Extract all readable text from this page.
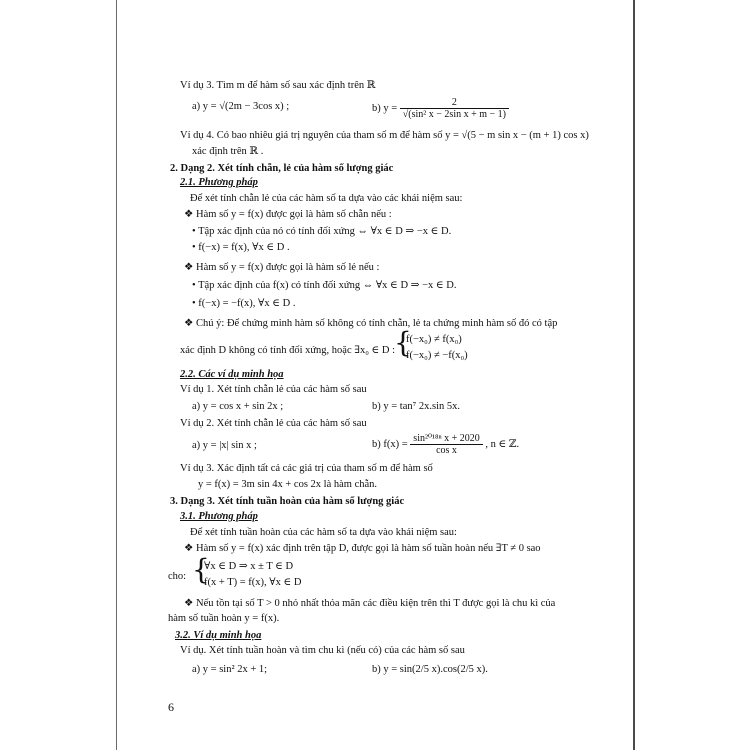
Ví dụ 3. Tìm m để hàm số sau xác định trên ℝ
a) y = √(2m − 3cos x) ;	b) $y = \frac{2}{\text{√(sin² x − 2sin x + m − 1)}}$
Ví dụ 4. Có bao nhiêu giá trị nguyên của tham số m để hàm số y = √(5 − m sin x − (m + 1) cos x)
xác định trên ℝ .
2. Dạng 2. Xét tính chẵn, lẻ của hàm số lượng giác
2.1. Phương pháp
Để xét tính chẵn lẻ của các hàm số ta dựa vào các khái niệm sau:
❖ Hàm số y = f(x) được gọi là hàm số chẵn nếu :
• Tập xác định của nó có tính đối xứng ⇔ ∀x ∈ D ⇒ −x ∈ D.
• f(−x) = f(x), ∀x ∈ D .
❖ Hàm số y = f(x) được gọi là hàm số lẻ nếu :
• Tập xác định của f(x) có tính đối xứng ⇔ ∀x ∈ D ⇒ −x ∈ D.
• f(−x) = −f(x), ∀x ∈ D .
❖ Chú ý: Để chứng minh hàm số không có tính chẵn, lẻ ta chứng minh hàm số đó có tập
xác định D không có tính đối xứng, hoặc ∃x₀ ∈ D : {
f(−x₀) ≠ f(x₀)
f(−x₀) ≠ −f(x₀)
2.2. Các ví dụ minh họa
Ví dụ 1. Xét tính chẵn lẻ của các hàm số sau
a) y = cos x + sin 2x ;	b) y = tan⁷ 2x.sin 5x.
Ví dụ 2. Xét tính chẵn lẻ của các hàm số sau
a) y = |x| sin x ;	b) $f(x) = \frac{\text{sin²⁰¹⁸ⁿ x + 2020}}{\text{cos x}}$ , n ∈ ℤ.
Ví dụ 3. Xác định tất cả các giá trị của tham số m để hàm số
y = f(x) = 3m sin 4x + cos 2x là hàm chẵn.
3. Dạng 3. Xét tính tuần hoàn của hàm số lượng giác
3.1. Phương pháp
Để xét tính tuần hoàn của các hàm số ta dựa vào khái niệm sau:
❖ Hàm số y = f(x) xác định trên tập D, được gọi là hàm số tuần hoàn nếu ∃T ≠ 0 sao
cho: {
∀x ∈ D ⇒ x ± T ∈ D
f(x + T) = f(x), ∀x ∈ D
❖ Nếu tồn tại số T > 0 nhỏ nhất thỏa mãn các điều kiện trên thì T được gọi là chu kì của
hàm số tuần hoàn y = f(x).
3.2. Ví dụ minh họa
Ví dụ. Xét tính tuần hoàn và tìm chu kì (nếu có) của các hàm số sau
a) y = sin² 2x + 1;	b) y = sin(2/5 x).cos(2/5 x).
6
